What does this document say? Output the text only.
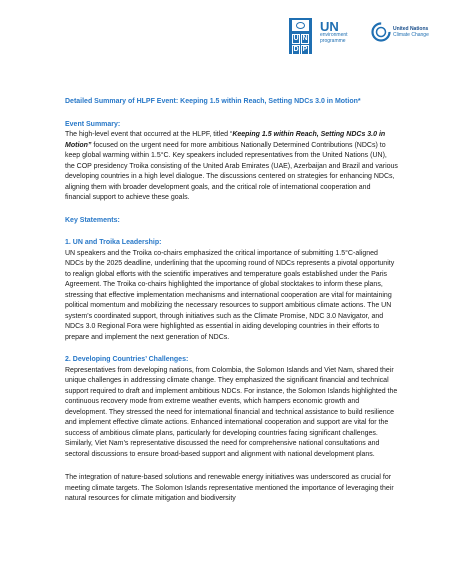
U N
D P
UN
environment
programme
United Nations
Climate Change

Detailed Summary of HLPF Event: Keeping 1.5 within Reach, Setting NDCs 3.0 in Motion*

Event Summary:

The high-level event that occurred at the HLPF, titled “Keeping 1.5 within Reach, Setting NDCs 3.0 in Motion” focused on the urgent need for more ambitious Nationally Determined Contributions (NDCs) to keep global warming within 1.5°C. Key speakers included representatives from the United Nations (UN), the COP presidency Troika consisting of the United Arab Emirates (UAE), Azerbaijan and Brazil and various developing countries in a high level dialogue. The discussions centered on strategies for enhancing NDCs, aligning them with broader development goals, and the critical role of international cooperation and financial support to achieve these goals.

Key Statements:

1. UN and Troika Leadership:

UN speakers and the Troika co-chairs emphasized the critical importance of submitting 1.5°C-aligned NDCs by the 2025 deadline, underlining that the upcoming round of NDCs represents a pivotal opportunity to realign global efforts with the scientific imperatives and temperature goals established under the Paris Agreement. The Troika co-chairs highlighted the importance of global stocktakes to inform these plans, stressing that effective implementation mechanisms and international cooperation are vital for maintaining political momentum and mobilizing the necessary resources to support ambitious climate actions. The UN system’s coordinated support, through initiatives such as the Climate Promise, NDC 3.0 Navigator, and NDCs 3.0 Regional Fora were highlighted as essential in aiding developing countries in their efforts to prepare and implement the next generation of NDCs.

2. Developing Countries’ Challenges:

Representatives from developing nations, from Colombia, the Solomon Islands and Viet Nam, shared their unique challenges in addressing climate change. They emphasized the significant financial and technical support required to draft and implement ambitious NDCs. For instance, the Solomon Islands highlighted the continuous recovery mode from extreme weather events, which hampers economic growth and development. They stressed the need for international financial and technical assistance to build resilience and implement effective climate actions. Enhanced international cooperation and support are vital for the success of ambitious climate plans, particularly for developing countries facing significant challenges. Similarly, Viet Nam’s representative discussed the need for comprehensive national consultations and sectoral discussions to ensure broad-based support and alignment with national development plans.

The integration of nature-based solutions and renewable energy initiatives was underscored as crucial for meeting climate targets. The Solomon Islands representative mentioned the importance of leveraging their natural resources for climate mitigation and biodiversity
